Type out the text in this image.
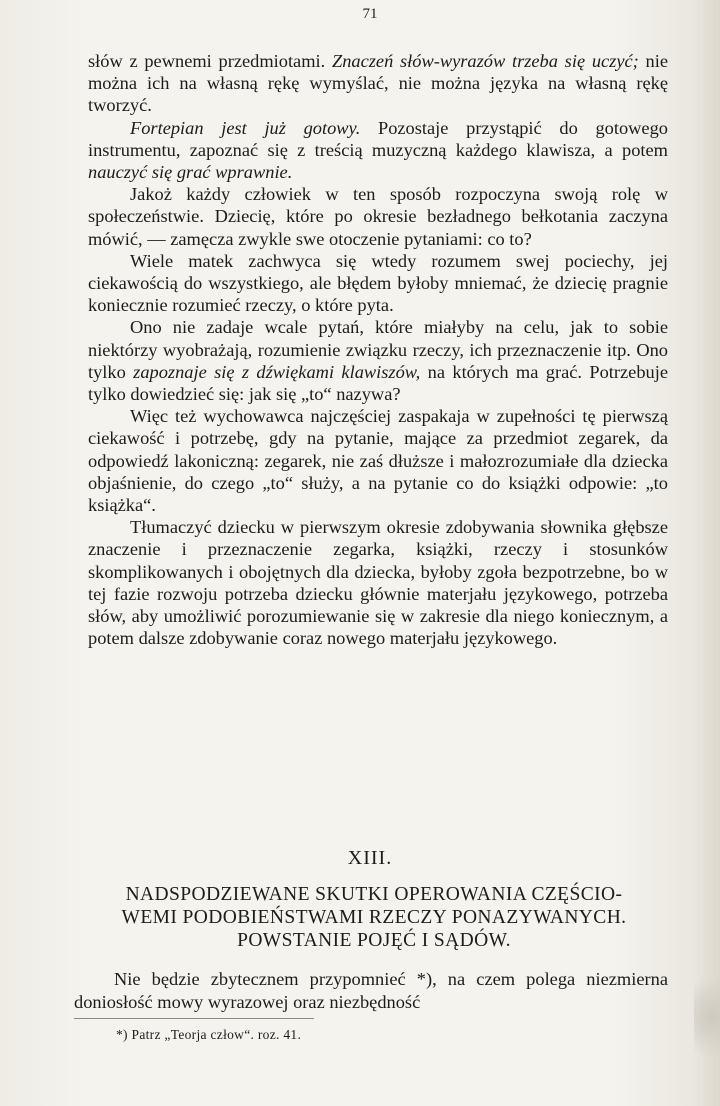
71

słów z pewnemi przedmiotami. Znaczeń słów-wyrazów trzeba się uczyć; nie można ich na własną rękę wymyślać, nie można języka na własną rękę tworzyć.

Fortepian jest już gotowy. Pozostaje przystąpić do gotowego instrumentu, zapoznać się z treścią muzyczną każdego klawisza, a potem nauczyć się grać wprawnie.

Jakoż każdy człowiek w ten sposób rozpoczyna swoją rolę w społeczeństwie. Dziecię, które po okresie bezładnego bełkotania zaczyna mówić, — zamęcza zwykle swe otoczenie pytaniami: co to?

Wiele matek zachwyca się wtedy rozumem swej pociechy, jej ciekawością do wszystkiego, ale błędem byłoby mniemać, że dziecię pragnie koniecznie rozumieć rzeczy, o które pyta.

Ono nie zadaje wcale pytań, które miałyby na celu, jak to sobie niektórzy wyobrażają, rozumienie związku rzeczy, ich przeznaczenie itp. Ono tylko zapoznaje się z dźwiękami klawiszów, na których ma grać. Potrzebuje tylko dowiedzieć się: jak się „to“ nazywa?

Więc też wychowawca najczęściej zaspakaja w zupełności tę pierwszą ciekawość i potrzebę, gdy na pytanie, mające za przedmiot zegarek, da odpowiedź lakoniczną: zegarek, nie zaś dłuższe i małozrozumiałe dla dziecka objaśnienie, do czego „to“ służy, a na pytanie co do książki odpowie: „to książka“.

Tłumaczyć dziecku w pierwszym okresie zdobywania słownika głębsze znaczenie i przeznaczenie zegarka, książki, rzeczy i stosunków skomplikowanych i obojętnych dla dziecka, byłoby zgoła bezpotrzebne, bo w tej fazie rozwoju potrzeba dziecku głównie materjału językowego, potrzeba słów, aby umożliwić porozumiewanie się w zakresie dla niego koniecznym, a potem dalsze zdobywanie coraz nowego materjału językowego.

XIII.
NADSPODZIEWANE SKUTKI OPEROWANIA CZĘŚCIO-
WEMI PODOBIEŃSTWAMI RZECZY PONAZYWANYCH.
POWSTANIE POJĘĆ I SĄDÓW.

Nie będzie zbytecznem przypomnieć *), na czem polega niezmierna doniosłość mowy wyrazowej oraz niezbędność

*) Patrz „Teorja człow“. roz. 41.
